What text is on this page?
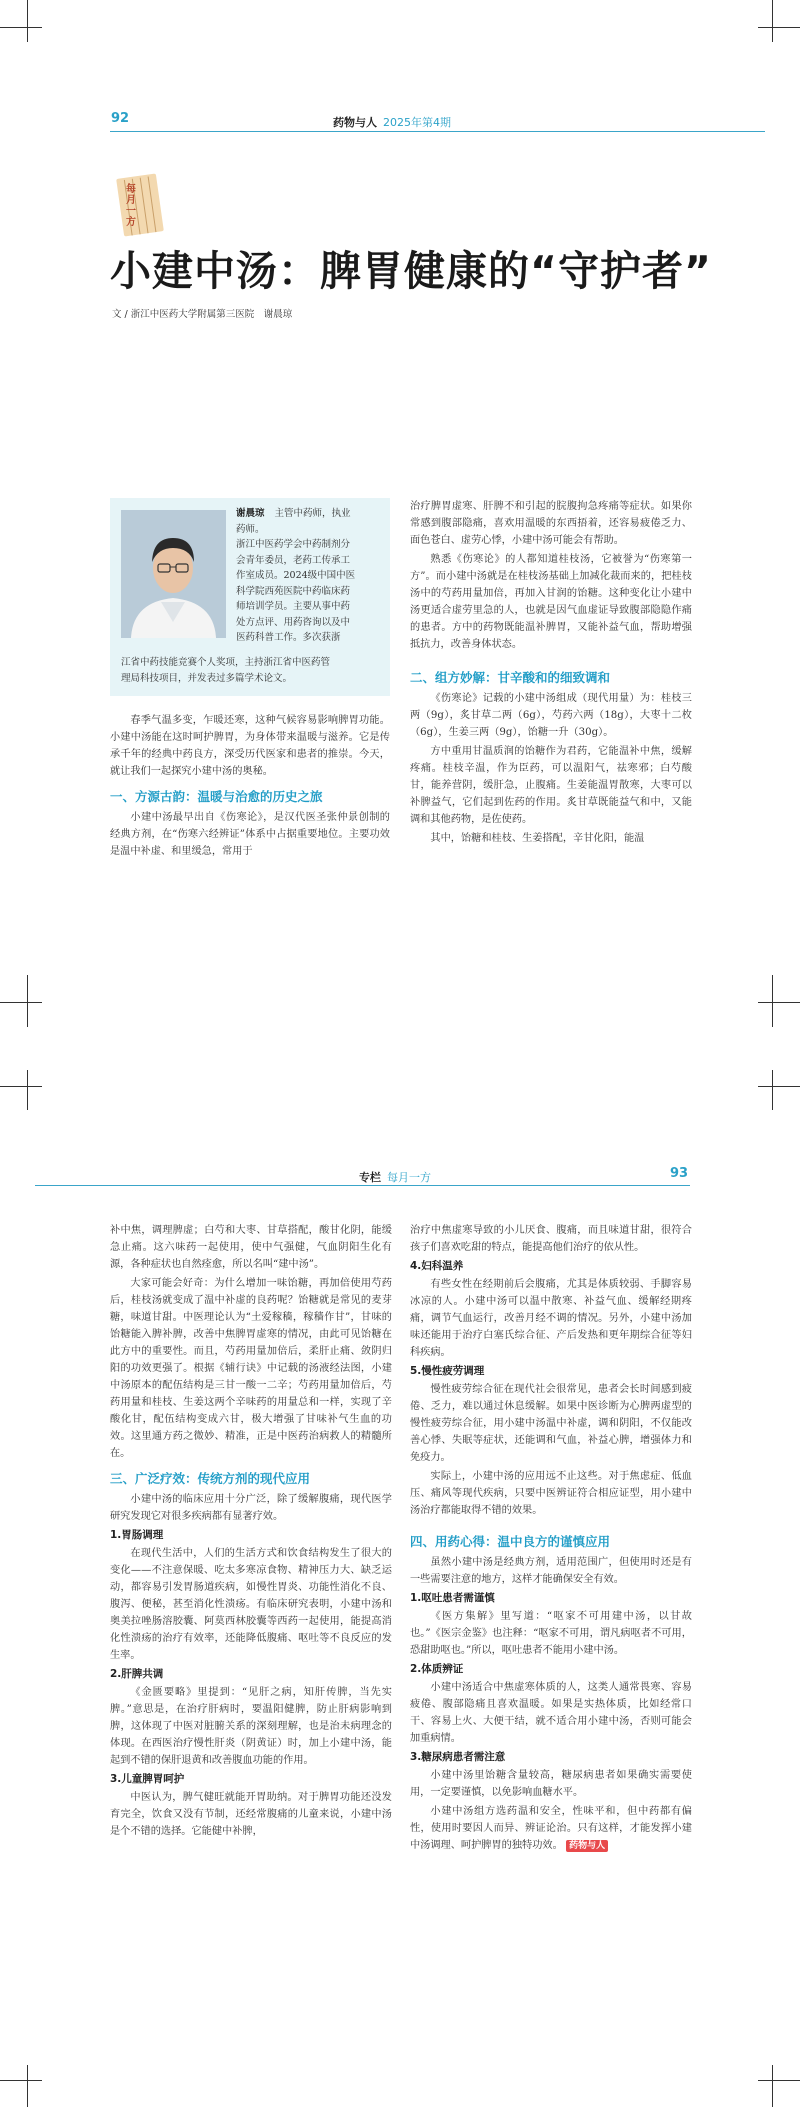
92	药物与人 2025年第4期
每月一方
小建中汤：脾胃健康的“守护者”
文 / 浙江中医药大学附属第三医院　谢晨琼
谢晨琼 主管中药师，执业
药师。
浙江中医药学会中药制剂分
会青年委员，老药工传承工
作室成员。2024级中国中医
科学院西苑医院中药临床药
师培训学员。主要从事中药
处方点评、用药咨询以及中
医药科普工作。多次获浙
江省中药技能竞赛个人奖项，主持浙江省中医药管
理局科技项目，并发表过多篇学术论文。

春季气温多变，乍暖还寒，这种气候容易影响脾胃功能。小建中汤能在这时呵护脾胃，为身体带来温暖与滋养。它是传承千年的经典中药良方，深受历代医家和患者的推崇。今天，就让我们一起探究小建中汤的奥秘。

一、方源古韵：温暖与治愈的历史之旅

小建中汤最早出自《伤寒论》，是汉代医圣张仲景创制的经典方剂，在“伤寒六经辨证”体系中占据重要地位。主要功效是温中补虚、和里缓急，常用于

治疗脾胃虚寒、肝脾不和引起的脘腹拘急疼痛等症状。如果你常感到腹部隐痛，喜欢用温暖的东西捂着，还容易疲倦乏力、面色苍白、虚劳心悸，小建中汤可能会有帮助。

熟悉《伤寒论》的人都知道桂枝汤，它被誉为“伤寒第一方”。而小建中汤就是在桂枝汤基础上加减化裁而来的，把桂枝汤中的芍药用量加倍，再加入甘润的饴糖。这种变化让小建中汤更适合虚劳里急的人，也就是因气血虚证导致腹部隐隐作痛的患者。方中的药物既能温补脾胃，又能补益气血，帮助增强抵抗力，改善身体状态。

二、组方妙解：甘辛酸和的细致调和

《伤寒论》记载的小建中汤组成（现代用量）为：桂枝三两（9g），炙甘草二两（6g），芍药六两（18g），大枣十二枚（6g），生姜三两（9g），饴糖一升（30g）。

方中重用甘温质润的饴糖作为君药，它能温补中焦，缓解疼痛。桂枝辛温，作为臣药，可以温阳气，祛寒邪；白芍酸甘，能养营阴，缓肝急，止腹痛。生姜能温胃散寒，大枣可以补脾益气，它们起到佐药的作用。炙甘草既能益气和中，又能调和其他药物，是佐使药。

其中，饴糖和桂枝、生姜搭配，辛甘化阳，能温

专栏 每月一方	93

补中焦，调理脾虚；白芍和大枣、甘草搭配，酸甘化阴，能缓急止痛。这六味药一起使用，使中气强健，气血阴阳生化有源，各种症状也自然痊愈，所以名叫“建中汤”。

大家可能会好奇：为什么增加一味饴糖，再加倍使用芍药后，桂枝汤就变成了温中补虚的良药呢？饴糖就是常见的麦芽糖，味道甘甜。中医理论认为“土爱稼穑，稼穑作甘”，甘味的饴糖能入脾补脾，改善中焦脾胃虚寒的情况，由此可见饴糖在此方中的重要性。而且，芍药用量加倍后，柔肝止痛、敛阴归阳的功效更强了。根据《辅行诀》中记载的汤液经法图，小建中汤原本的配伍结构是三甘一酸一二辛；芍药用量加倍后，芍药用量和桂枝、生姜这两个辛味药的用量总和一样，实现了辛酸化甘，配伍结构变成六甘，极大增强了甘味补气生血的功效。这里通方药之微妙、精准，正是中医药治病救人的精髓所在。

三、广泛疗效：传统方剂的现代应用

小建中汤的临床应用十分广泛，除了缓解腹痛，现代医学研究发现它对很多疾病都有显著疗效。

1.胃肠调理

在现代生活中，人们的生活方式和饮食结构发生了很大的变化——不注意保暖、吃太多寒凉食物、精神压力大、缺乏运动，都容易引发胃肠道疾病，如慢性胃炎、功能性消化不良、腹泻、便秘，甚至消化性溃疡。有临床研究表明，小建中汤和奥美拉唑肠溶胶囊、阿莫西林胶囊等西药一起使用，能提高消化性溃疡的治疗有效率，还能降低腹痛、呕吐等不良反应的发生率。

2.肝脾共调

《金匮要略》里提到：“见肝之病，知肝传脾，当先实脾。”意思是，在治疗肝病时，要温阳健脾，防止肝病影响到脾，这体现了中医对脏腑关系的深刻理解，也是治未病理念的体现。在西医治疗慢性肝炎（阴黄证）时，加上小建中汤，能起到不错的保肝退黄和改善腹血功能的作用。

3.儿童脾胃呵护

中医认为，脾气健旺就能开胃助纳。对于脾胃功能还没发育完全，饮食又没有节制，还经常腹痛的儿童来说，小建中汤是个不错的选择。它能健中补脾，

治疗中焦虚寒导致的小儿厌食、腹痛，而且味道甘甜，很符合孩子们喜欢吃甜的特点，能提高他们治疗的依从性。

4.妇科温养

有些女性在经期前后会腹痛，尤其是体质较弱、手脚容易冰凉的人。小建中汤可以温中散寒、补益气血、缓解经期疼痛，调节气血运行，改善月经不调的情况。另外，小建中汤加味还能用于治疗白塞氏综合征、产后发热和更年期综合征等妇科疾病。

5.慢性疲劳调理

慢性疲劳综合征在现代社会很常见，患者会长时间感到疲倦、乏力，难以通过休息缓解。如果中医诊断为心脾两虚型的慢性疲劳综合征，用小建中汤温中补虚，调和阴阳，不仅能改善心悸、失眠等症状，还能调和气血，补益心脾，增强体力和免疫力。

实际上，小建中汤的应用远不止这些。对于焦虑症、低血压、痛风等现代疾病，只要中医辨证符合相应证型，用小建中汤治疗都能取得不错的效果。

四、用药心得：温中良方的谨慎应用

虽然小建中汤是经典方剂，适用范围广，但使用时还是有一些需要注意的地方，这样才能确保安全有效。

1.呕吐患者需谨慎

《医方集解》里写道：“呕家不可用建中汤，以甘故也。”《医宗金鉴》也注释：“呕家不可用，谓凡病呕者不可用，恐甜助呕也。”所以，呕吐患者不能用小建中汤。

2.体质辨证

小建中汤适合中焦虚寒体质的人，这类人通常畏寒、容易疲倦、腹部隐痛且喜欢温暖。如果是实热体质，比如经常口干、容易上火、大便干结，就不适合用小建中汤，否则可能会加重病情。

3.糖尿病患者需注意

小建中汤里饴糖含量较高，糖尿病患者如果确实需要使用，一定要谨慎，以免影响血糖水平。

小建中汤组方选药温和安全，性味平和，但中药都有偏性，使用时要因人而异、辨证论治。只有这样，才能发挥小建中汤调理、呵护脾胃的独特功效。 药物与人
